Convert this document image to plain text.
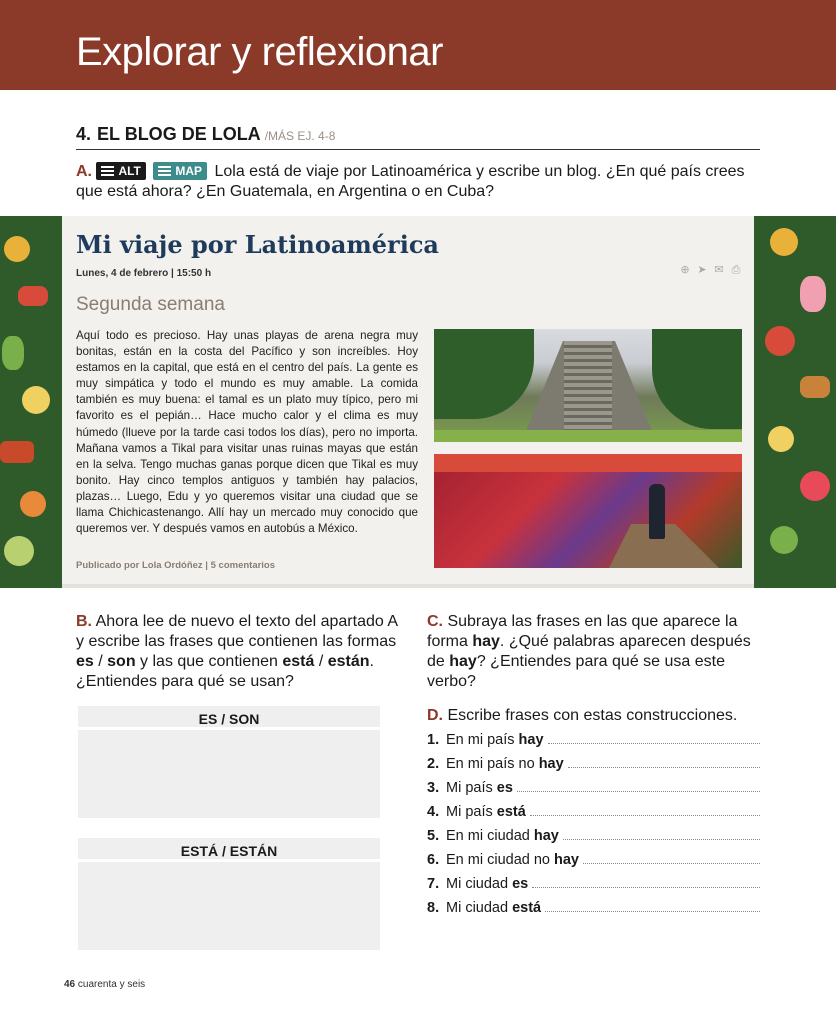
Explorar y reflexionar
4. EL BLOG DE LOLA /MÁS EJ. 4-8
A. ALT	MAP Lola está de viaje por Latinoamérica y escribe un blog. ¿En qué país crees que está ahora? ¿En Guatemala, en Argentina o en Cuba?
Mi viaje por Latinoamérica
Lunes, 4 de febrero | 15:50 h	⊕ ➤ ✉ ⎙
Segunda semana
Aquí todo es precioso. Hay unas playas de arena negra muy bonitas, están en la costa del Pacífico y son increíbles. Hoy estamos en la capital, que está en el centro del país. La gente es muy simpática y todo el mundo es muy amable. La comida también es muy buena: el tamal es un plato muy típico, pero mi favorito es el pepián… Hace mucho calor y el clima es muy húmedo (llueve por la tarde casi todos los días), pero no importa. Mañana vamos a Tikal para visitar unas ruinas mayas que están en la selva. Tengo muchas ganas porque dicen que Tikal es muy bonito. Hay cinco templos antiguos y también hay palacios, plazas… Luego, Edu y yo queremos visitar una ciudad que se llama Chichicastenango. Allí hay un mercado muy conocido que queremos ver. Y después vamos en autobús a México.
Publicado por Lola Ordóñez | 5 comentarios
B. Ahora lee de nuevo el texto del apartado A y escribe las frases que contienen las formas es / son y las que contienen está / están. ¿Entiendes para qué se usan?
ES / SON
ESTÁ / ESTÁN
C. Subraya las frases en las que aparece la forma hay. ¿Qué palabras aparecen después de hay? ¿Entiendes para qué se usa este verbo?
D. Escribe frases con estas construcciones.
1. En mi país hay
2. En mi país no hay
3. Mi país es
4. Mi país está
5. En mi ciudad hay
6. En mi ciudad no hay
7. Mi ciudad es
8. Mi ciudad está
46 cuarenta y seis
